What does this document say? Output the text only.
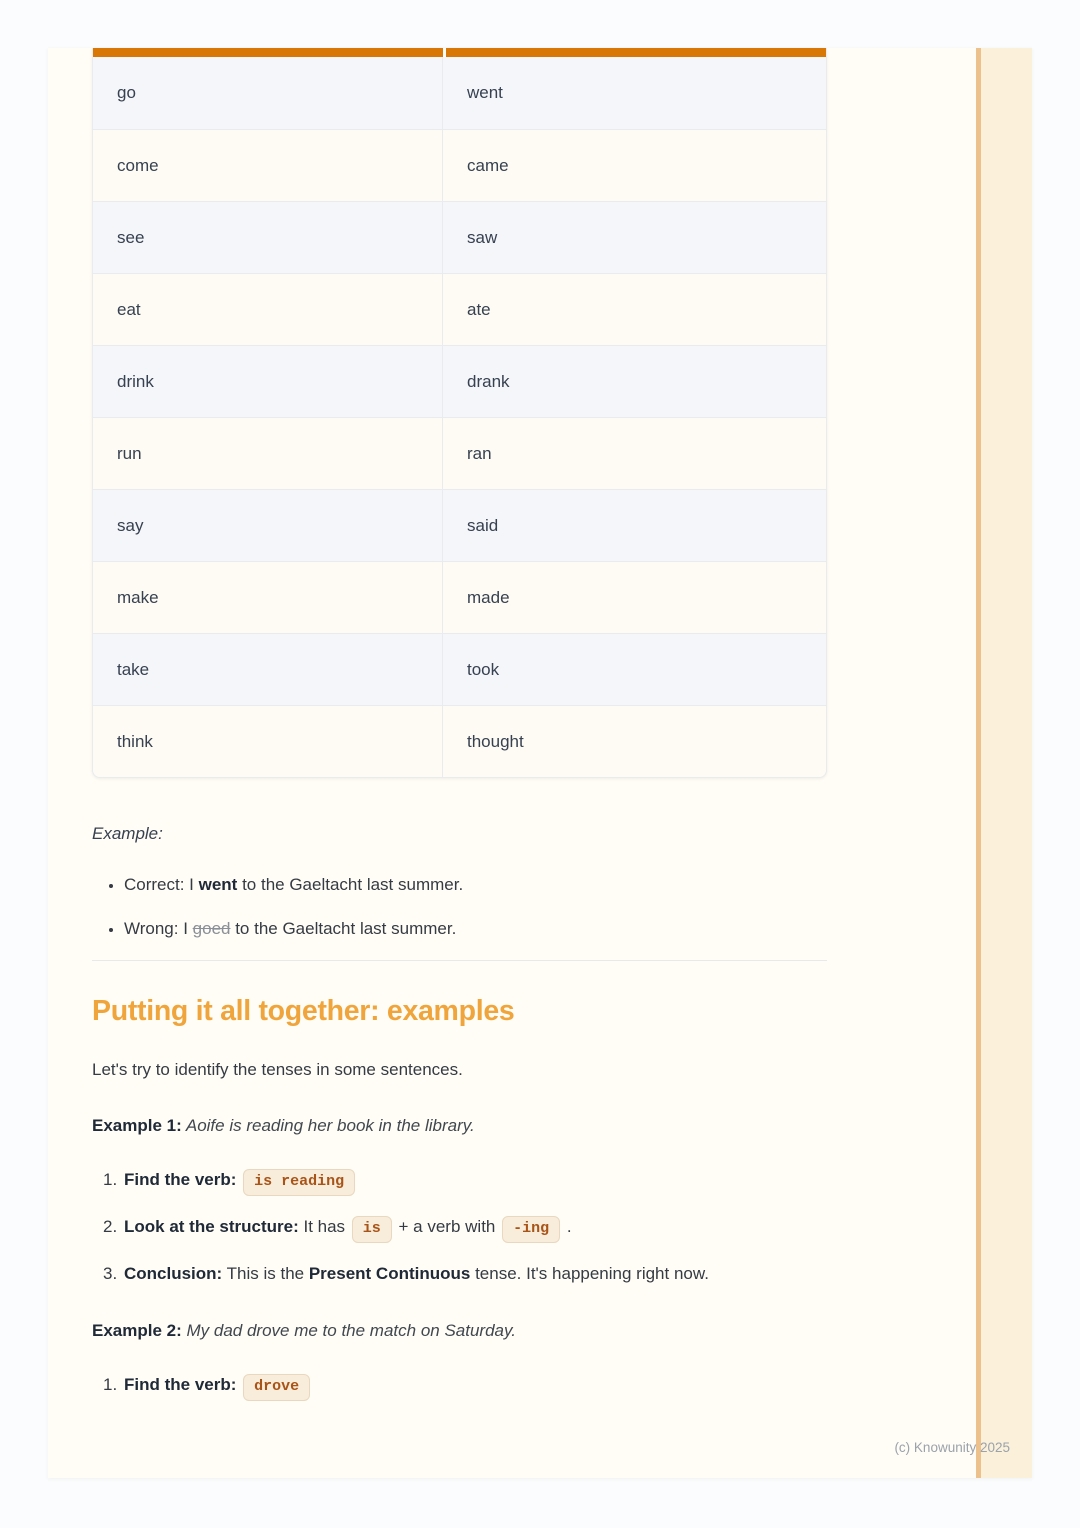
go	went
come	came
see	saw
eat	ate
drink	drank
run	ran
say	said
make	made
take	took
think	thought

Example:

• Correct: I went to the Gaeltacht last summer.
• Wrong: I goed to the Gaeltacht last summer.
Putting it all together: examples

Let's try to identify the tenses in some sentences.

Example 1: Aoife is reading her book in the library.

1. Find the verb: is reading
2. Look at the structure: It has is + a verb with -ing .
3. Conclusion: This is the Present Continuous tense. It's happening right now.

Example 2: My dad drove me to the match on Saturday.

1. Find the verb: drove
(c) Knowunity 2025
